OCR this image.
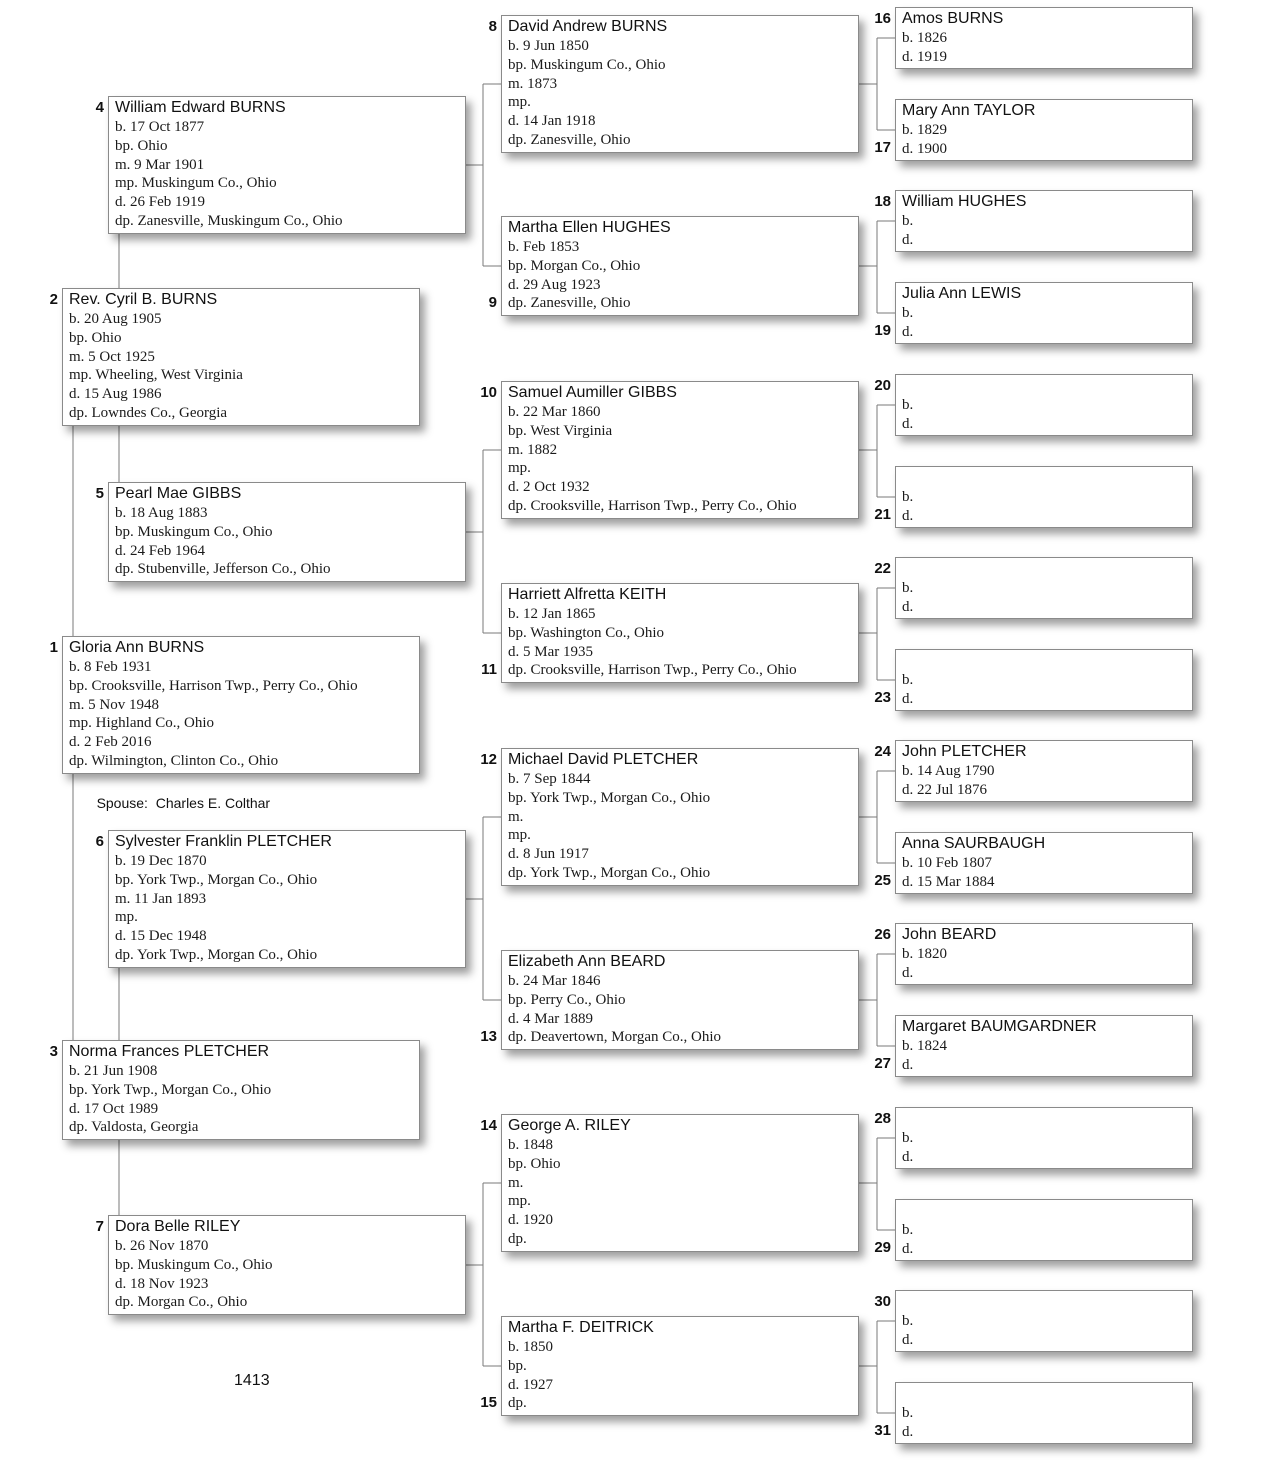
Spouse: Charles E. Colthar

1413
Gloria Ann BURNS
b. 8 Feb 1931
bp. Crooksville, Harrison Twp., Perry Co., Ohio
m. 5 Nov 1948
mp. Highland Co., Ohio
d. 2 Feb 2016
dp. Wilmington, Clinton Co., Ohio
1
Rev. Cyril B. BURNS
b. 20 Aug 1905
bp. Ohio
m. 5 Oct 1925
mp. Wheeling, West Virginia
d. 15 Aug 1986
dp. Lowndes Co., Georgia
2
Norma Frances PLETCHER
b. 21 Jun 1908
bp. York Twp., Morgan Co., Ohio
d. 17 Oct 1989
dp. Valdosta, Georgia
3
William Edward BURNS
b. 17 Oct 1877
bp. Ohio
m. 9 Mar 1901
mp. Muskingum Co., Ohio
d. 26 Feb 1919
dp. Zanesville, Muskingum Co., Ohio
4
Pearl Mae GIBBS
b. 18 Aug 1883
bp. Muskingum Co., Ohio
d. 24 Feb 1964
dp. Stubenville, Jefferson Co., Ohio
5
Sylvester Franklin PLETCHER
b. 19 Dec 1870
bp. York Twp., Morgan Co., Ohio
m. 11 Jan 1893
mp.
d. 15 Dec 1948
dp. York Twp., Morgan Co., Ohio
6
Dora Belle RILEY
b. 26 Nov 1870
bp. Muskingum Co., Ohio
d. 18 Nov 1923
dp. Morgan Co., Ohio
7
David Andrew BURNS
b. 9 Jun 1850
bp. Muskingum Co., Ohio
m. 1873
mp.
d. 14 Jan 1918
dp. Zanesville, Ohio
8
Martha Ellen HUGHES
b. Feb 1853
bp. Morgan Co., Ohio
d. 29 Aug 1923
dp. Zanesville, Ohio
9
Samuel Aumiller GIBBS
b. 22 Mar 1860
bp. West Virginia
m. 1882
mp.
d. 2 Oct 1932
dp. Crooksville, Harrison Twp., Perry Co., Ohio
10
Harriett Alfretta KEITH
b. 12 Jan 1865
bp. Washington Co., Ohio
d. 5 Mar 1935
dp. Crooksville, Harrison Twp., Perry Co., Ohio
11
Michael David PLETCHER
b. 7 Sep 1844
bp. York Twp., Morgan Co., Ohio
m.
mp.
d. 8 Jun 1917
dp. York Twp., Morgan Co., Ohio
12
Elizabeth Ann BEARD
b. 24 Mar 1846
bp. Perry Co., Ohio
d. 4 Mar 1889
dp. Deavertown, Morgan Co., Ohio
13
George A. RILEY
b. 1848
bp. Ohio
m.
mp.
d. 1920
dp.
14
Martha F. DEITRICK
b. 1850
bp.
d. 1927
dp.
15
Amos BURNS
b. 1826
d. 1919
16
Mary Ann TAYLOR
b. 1829
d. 1900
17
William HUGHES
b.
d.
18
Julia Ann LEWIS
b.
d.
19
b.
d.
20
b.
d.
21
b.
d.
22
b.
d.
23
John PLETCHER
b. 14 Aug 1790
d. 22 Jul 1876
24
Anna SAURBAUGH
b. 10 Feb 1807
d. 15 Mar 1884
25
John BEARD
b. 1820
d.
26
Margaret BAUMGARDNER
b. 1824
d.
27
b.
d.
28
b.
d.
29
b.
d.
30
b.
d.
31
